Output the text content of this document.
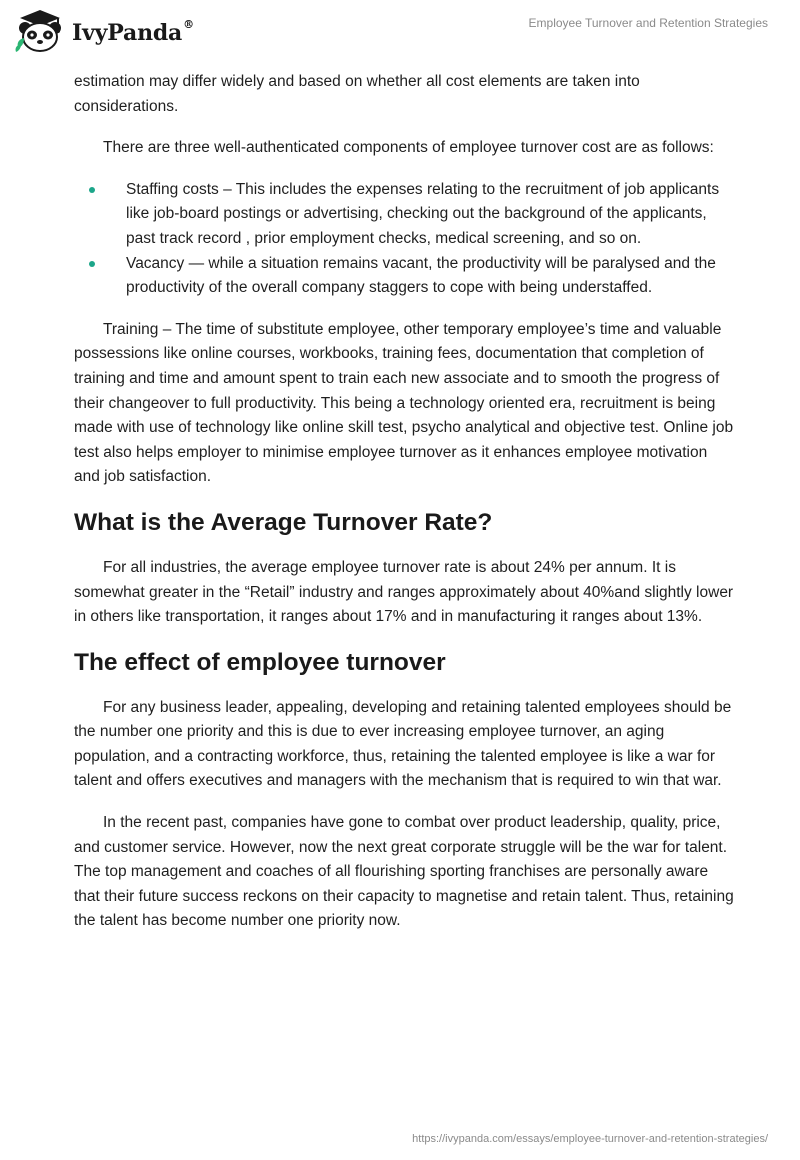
IvyPanda®	Employee Turnover and Retention Strategies

estimation may differ widely and based on whether all cost elements are taken into considerations.

There are three well-authenticated components of employee turnover cost are as follows:

Staffing costs – This includes the expenses relating to the recruitment of job applicants like job-board postings or advertising, checking out the background of the applicants, past track record , prior employment checks, medical screening, and so on.
Vacancy — while a situation remains vacant, the productivity will be paralysed and the productivity of the overall company staggers to cope with being understaffed.

Training – The time of substitute employee, other temporary employee’s time and valuable possessions like online courses, workbooks, training fees, documentation that completion of training and time and amount spent to train each new associate and to smooth the progress of their changeover to full productivity. This being a technology oriented era, recruitment is being made with use of technology like online skill test, psycho analytical and objective test. Online job test also helps employer to minimise employee turnover as it enhances employee motivation and job satisfaction.

What is the Average Turnover Rate?

For all industries, the average employee turnover rate is about 24% per annum. It is somewhat greater in the “Retail” industry and ranges approximately about 40%and slightly lower in others like transportation, it ranges about 17% and in manufacturing it ranges about 13%.

The effect of employee turnover

For any business leader, appealing, developing and retaining talented employees should be the number one priority and this is due to ever increasing employee turnover, an aging population, and a contracting workforce, thus, retaining the talented employee is like a war for talent and offers executives and managers with the mechanism that is required to win that war.

In the recent past, companies have gone to combat over product leadership, quality, price, and customer service. However, now the next great corporate struggle will be the war for talent. The top management and coaches of all flourishing sporting franchises are personally aware that their future success reckons on their capacity to magnetise and retain talent. Thus, retaining the talent has become number one priority now.

https://ivypanda.com/essays/employee-turnover-and-retention-strategies/
